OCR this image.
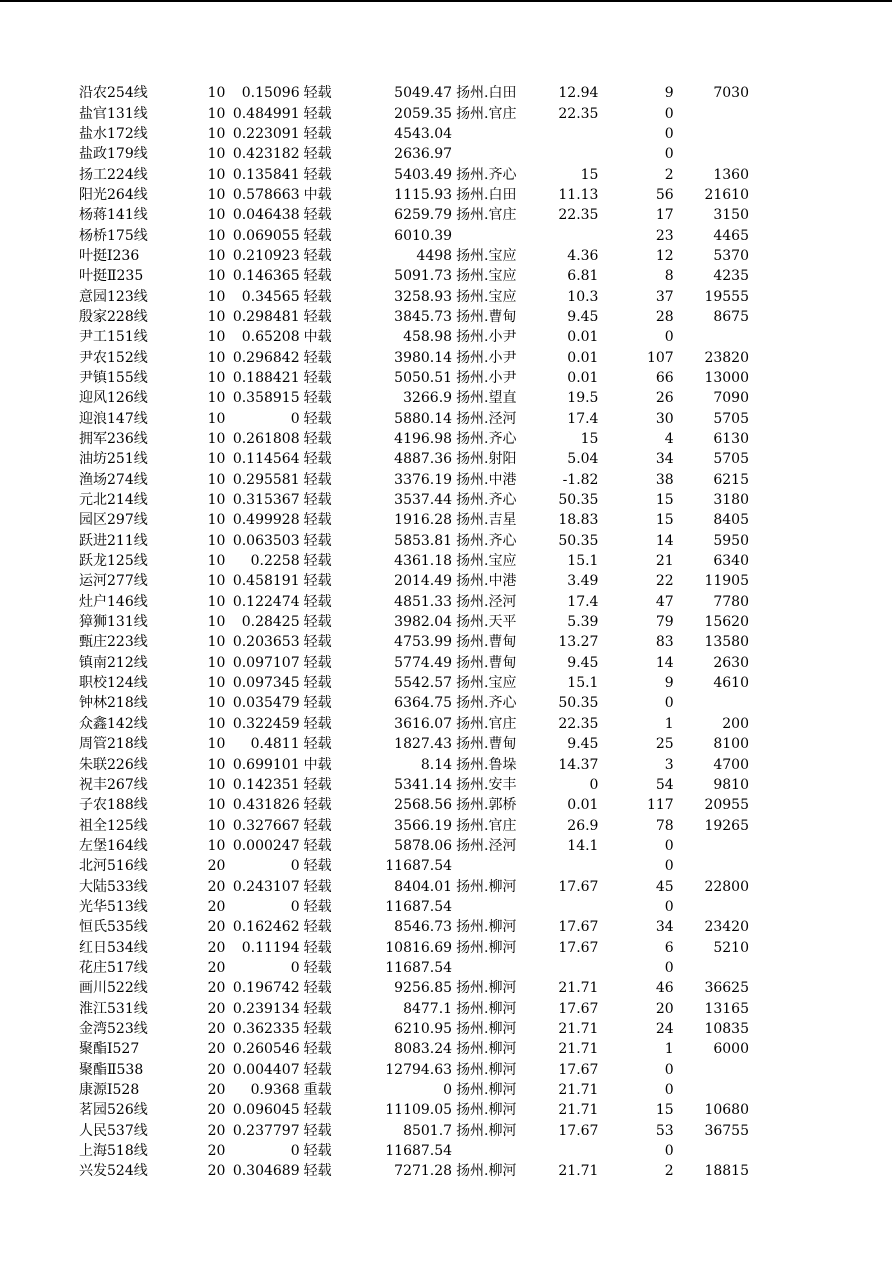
沿农254线	10	0.15096	轻载	5049.47	扬州.白田	12.94	9	7030
盐官131线	10	0.484991	轻载	2059.35	扬州.官庄	22.35	0	
盐水172线	10	0.223091	轻载	4543.04			0	
盐政179线	10	0.423182	轻载	2636.97			0	
扬工224线	10	0.135841	轻载	5403.49	扬州.齐心	15	2	1360
阳光264线	10	0.578663	中载	1115.93	扬州.白田	11.13	56	21610
杨蒋141线	10	0.046438	轻载	6259.79	扬州.官庄	22.35	17	3150
杨桥175线	10	0.069055	轻载	6010.39			23	4465
叶挺Ⅰ236	10	0.210923	轻载	4498	扬州.宝应	4.36	12	5370
叶挺Ⅱ235	10	0.146365	轻载	5091.73	扬州.宝应	6.81	8	4235
意园123线	10	0.34565	轻载	3258.93	扬州.宝应	10.3	37	19555
殷家228线	10	0.298481	轻载	3845.73	扬州.曹甸	9.45	28	8675
尹工151线	10	0.65208	中载	458.98	扬州.小尹	0.01	0	
尹农152线	10	0.296842	轻载	3980.14	扬州.小尹	0.01	107	23820
尹镇155线	10	0.188421	轻载	5050.51	扬州.小尹	0.01	66	13000
迎风126线	10	0.358915	轻载	3266.9	扬州.望直	19.5	26	7090
迎浪147线	10	0	轻载	5880.14	扬州.泾河	17.4	30	5705
拥军236线	10	0.261808	轻载	4196.98	扬州.齐心	15	4	6130
油坊251线	10	0.114564	轻载	4887.36	扬州.射阳	5.04	34	5705
渔场274线	10	0.295581	轻载	3376.19	扬州.中港	-1.82	38	6215
元北214线	10	0.315367	轻载	3537.44	扬州.齐心	50.35	15	3180
园区297线	10	0.499928	轻载	1916.28	扬州.吉星	18.83	15	8405
跃进211线	10	0.063503	轻载	5853.81	扬州.齐心	50.35	14	5950
跃龙125线	10	0.2258	轻载	4361.18	扬州.宝应	15.1	21	6340
运河277线	10	0.458191	轻载	2014.49	扬州.中港	3.49	22	11905
灶户146线	10	0.122474	轻载	4851.33	扬州.泾河	17.4	47	7780
獐狮131线	10	0.28425	轻载	3982.04	扬州.天平	5.39	79	15620
甄庄223线	10	0.203653	轻载	4753.99	扬州.曹甸	13.27	83	13580
镇南212线	10	0.097107	轻载	5774.49	扬州.曹甸	9.45	14	2630
职校124线	10	0.097345	轻载	5542.57	扬州.宝应	15.1	9	4610
钟林218线	10	0.035479	轻载	6364.75	扬州.齐心	50.35	0	
众鑫142线	10	0.322459	轻载	3616.07	扬州.官庄	22.35	1	200
周管218线	10	0.4811	轻载	1827.43	扬州.曹甸	9.45	25	8100
朱联226线	10	0.699101	中载	8.14	扬州.鲁垛	14.37	3	4700
祝丰267线	10	0.142351	轻载	5341.14	扬州.安丰	0	54	9810
子农188线	10	0.431826	轻载	2568.56	扬州.郭桥	0.01	117	20955
祖全125线	10	0.327667	轻载	3566.19	扬州.官庄	26.9	78	19265
左堡164线	10	0.000247	轻载	5878.06	扬州.泾河	14.1	0	
北河516线	20	0	轻载	11687.54			0	
大陆533线	20	0.243107	轻载	8404.01	扬州.柳河	17.67	45	22800
光华513线	20	0	轻载	11687.54			0	
恒氏535线	20	0.162462	轻载	8546.73	扬州.柳河	17.67	34	23420
红日534线	20	0.11194	轻载	10816.69	扬州.柳河	17.67	6	5210
花庄517线	20	0	轻载	11687.54			0	
画川522线	20	0.196742	轻载	9256.85	扬州.柳河	21.71	46	36625
淮江531线	20	0.239134	轻载	8477.1	扬州.柳河	17.67	20	13165
金湾523线	20	0.362335	轻载	6210.95	扬州.柳河	21.71	24	10835
聚酯Ⅰ527	20	0.260546	轻载	8083.24	扬州.柳河	21.71	1	6000
聚酯Ⅱ538	20	0.004407	轻载	12794.63	扬州.柳河	17.67	0	
康源Ⅰ528	20	0.9368	重载	0	扬州.柳河	21.71	0	
茗园526线	20	0.096045	轻载	11109.05	扬州.柳河	21.71	15	10680
人民537线	20	0.237797	轻载	8501.7	扬州.柳河	17.67	53	36755
上海518线	20	0	轻载	11687.54			0	
兴发524线	20	0.304689	轻载	7271.28	扬州.柳河	21.71	2	18815
